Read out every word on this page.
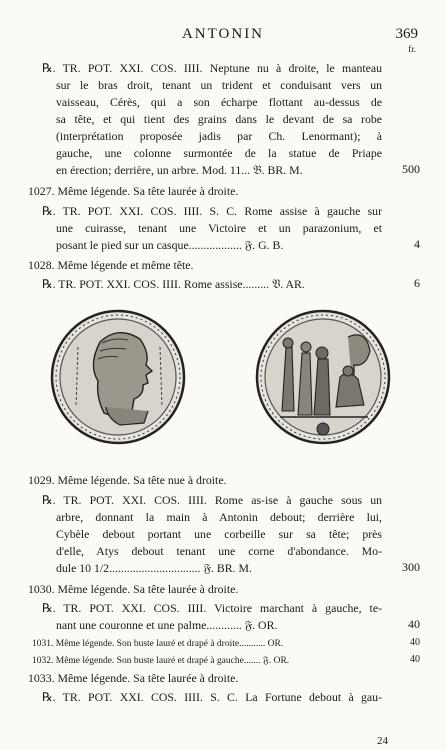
ANTONIN	369
fr.
℞. TR. POT. XXI. COS. IIII. Neptune nu à droite, le manteau
sur le bras droit, tenant un trident et conduisant vers un
vaisseau, Cérès, qui a son écharpe flottant au-dessus de
sa tête, et qui tient des grains dans le devant de sa robe
(interprétation proposée jadis par Ch. Lenormant); à
gauche, une colonne surmontée de la statue de Priape
en érection; derrière, un arbre. Mod. 11... 𝔅. BR. M.	500
1027. Même légende. Sa tête laurée à droite.
℞. TR. POT. XXI. COS. IIII. S. C. Rome assise à gauche sur
une cuirasse, tenant une Victoire et un parazonium, et
posant le pied sur un casque.................. 𝔉. G. B.	4
1028. Même légende et même tête.
℞. TR. POT. XXI. COS. IIII. Rome assise......... 𝔙. AR.	6
1029. Même légende. Sa tête nue à droite.
℞. TR. POT. XXI. COS. IIII. Rome as-ise à gauche sous un
arbre, donnant la main à Antonin debout; derrière lui,
Cybèle debout portant une corbeille sur sa tête; près
d'elle, Atys debout tenant une corne d'abondance. Mo-
dule 10 1/2............................... 𝔉. BR. M.	300
1030. Même légende. Sa tête laurée à droite.
℞. TR. POT. XXI. COS. IIII. Victoire marchant à gauche, te-
nant une couronne et une palme............ 𝔉. OR.	40
1031. Même légende. Son buste lauré et drapé à droite........... OR.	40
1032. Même légende. Son buste lauré et drapé à gauche....... 𝔉. OR.	40
1033. Même légende. Sa tête laurée à droite.
℞. TR. POT. XXI. COS. IIII. S. C. La Fortune debout à gau-
24
